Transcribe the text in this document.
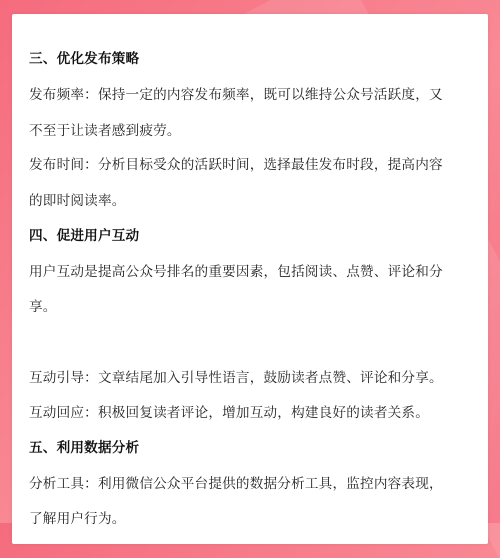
三、优化发布策略
发布频率：保持一定的内容发布频率，既可以维持公众号活跃度，又
不至于让读者感到疲劳。
发布时间：分析目标受众的活跃时间，选择最佳发布时段，提高内容
的即时阅读率。
四、促进用户互动
用户互动是提高公众号排名的重要因素，包括阅读、点赞、评论和分
享。
互动引导：文章结尾加入引导性语言，鼓励读者点赞、评论和分享。
互动回应：积极回复读者评论，增加互动，构建良好的读者关系。
五、利用数据分析
分析工具：利用微信公众平台提供的数据分析工具，监控内容表现，
了解用户行为。
